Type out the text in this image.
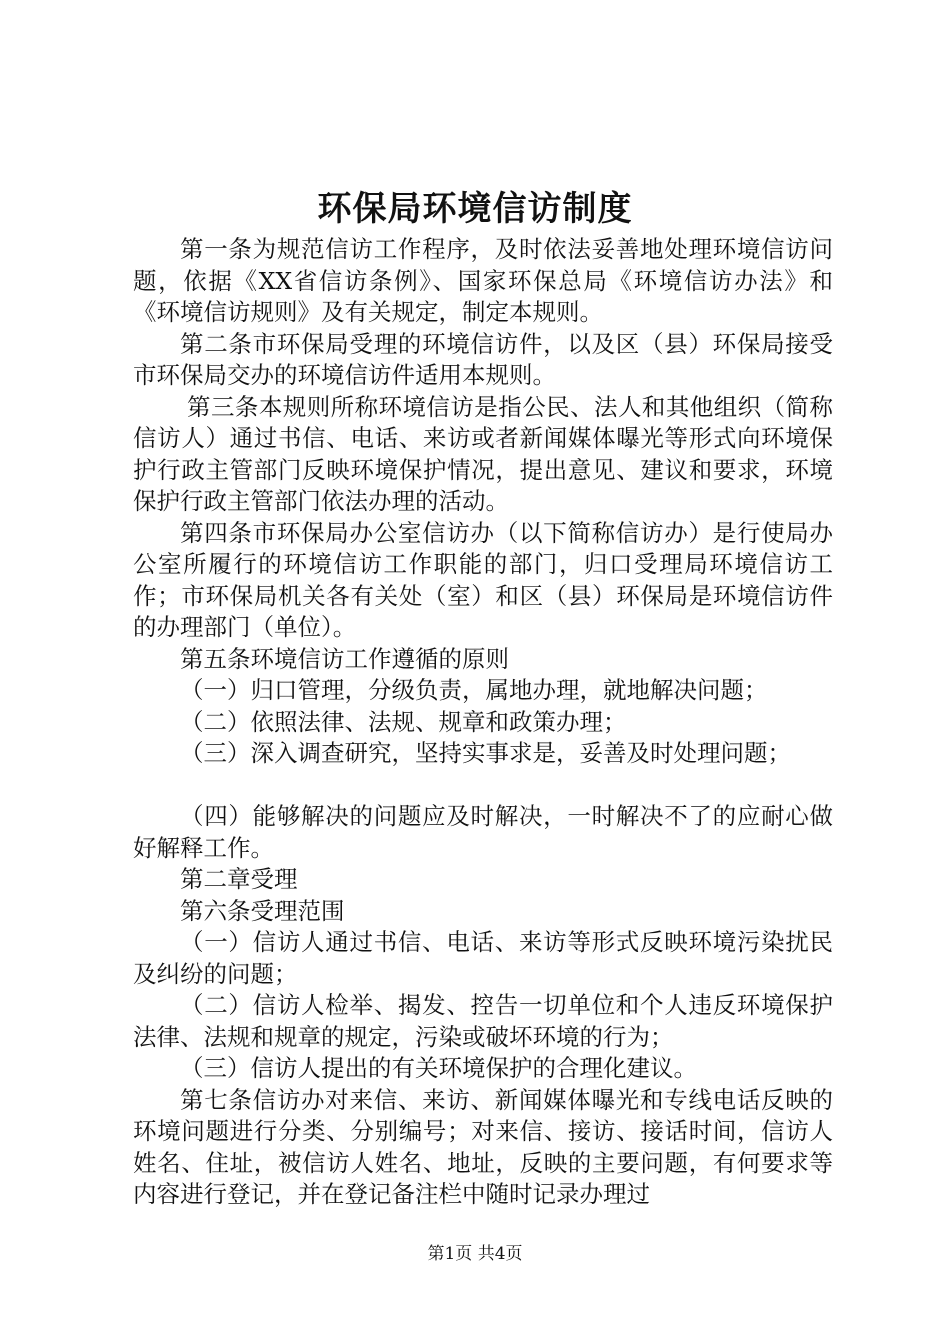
环保局环境信访制度

第一条为规范信访工作程序，及时依法妥善地处理环境信访问题，依据《XX省信访条例》、国家环保总局《环境信访办法》和《环境信访规则》及有关规定，制定本规则。

第二条市环保局受理的环境信访件，以及区（县）环保局接受市环保局交办的环境信访件适用本规则。

第三条本规则所称环境信访是指公民、法人和其他组织（简称信访人）通过书信、电话、来访或者新闻媒体曝光等形式向环境保护行政主管部门反映环境保护情况，提出意见、建议和要求，环境保护行政主管部门依法办理的活动。

第四条市环保局办公室信访办（以下简称信访办）是行使局办公室所履行的环境信访工作职能的部门，归口受理局环境信访工作；市环保局机关各有关处（室）和区（县）环保局是环境信访件的办理部门（单位）。

第五条环境信访工作遵循的原则

（一）归口管理，分级负责，属地办理，就地解决问题；

（二）依照法律、法规、规章和政策办理；

（三）深入调查研究，坚持实事求是，妥善及时处理问题；

（四）能够解决的问题应及时解决，一时解决不了的应耐心做好解释工作。

第二章受理

第六条受理范围

（一）信访人通过书信、电话、来访等形式反映环境污染扰民及纠纷的问题；

（二）信访人检举、揭发、控告一切单位和个人违反环境保护法律、法规和规章的规定，污染或破坏环境的行为；

（三）信访人提出的有关环境保护的合理化建议。

第七条信访办对来信、来访、新闻媒体曝光和专线电话反映的环境问题进行分类、分别编号；对来信、接访、接话时间，信访人姓名、住址，被信访人姓名、地址，反映的主要问题，有何要求等内容进行登记，并在登记备注栏中随时记录办理过

第1页 共4页
